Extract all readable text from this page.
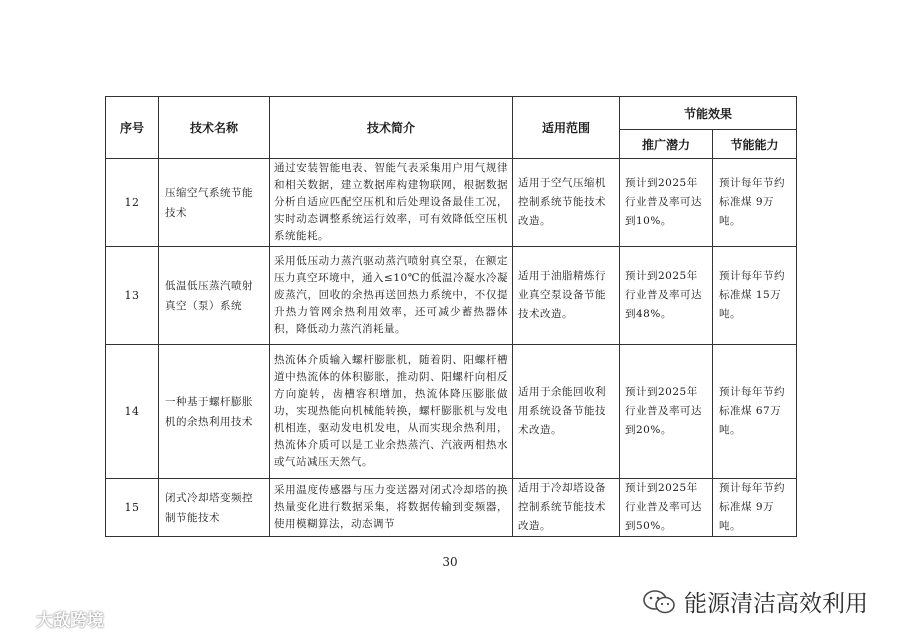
序号	技术名称	技术简介	适用范围	节能效果	
				推广潜力	节能能力
12	压缩空气系统节能技术	通过安装智能电表、智能气表采集用户用气规律和相关数据，建立数据库构建物联网，根据数据分析自适应匹配空压机和后处理设备最佳工况，实时动态调整系统运行效率，可有效降低空压机系统能耗。	适用于空气压缩机控制系统节能技术改造。	预计到2025年行业普及率可达到10%。	预计每年节约标准煤 9万吨。
13	低温低压蒸汽喷射真空（泵）系统	采用低压动力蒸汽驱动蒸汽喷射真空泵，在额定压力真空环境中，通入≤10℃的低温冷凝水冷凝废蒸汽，回收的余热再送回热力系统中，不仅提升热力管网余热利用效率，还可减少蓄热器体积，降低动力蒸汽消耗量。	适用于油脂精炼行业真空泵设备节能技术改造。	预计到2025年行业普及率可达到48%。	预计每年节约标准煤 15万吨。
14	一种基于螺杆膨胀机的余热利用技术	热流体介质输入螺杆膨胀机，随着阴、阳螺杆槽道中热流体的体积膨胀，推动阴、阳螺杆向相反方向旋转，齿槽容积增加，热流体降压膨胀做功，实现热能向机械能转换，螺杆膨胀机与发电机相连，驱动发电机发电，从而实现余热利用，热流体介质可以是工业余热蒸汽、汽液两相热水或气站减压天然气。	适用于余能回收利用系统设备节能技术改造。	预计到2025年行业普及率可达到20%。	预计每年节约标准煤 67万吨。
15	闭式冷却塔变频控制节能技术	采用温度传感器与压力变送器对闭式冷却塔的换热量变化进行数据采集，将数据传输到变频器，使用模糊算法，动态调节	适用于冷却塔设备控制系统节能技术改造。	预计到2025年行业普及率可达到50%。	预计每年节约标准煤 9万吨。
30
大敌跨境
能源清洁高效利用
